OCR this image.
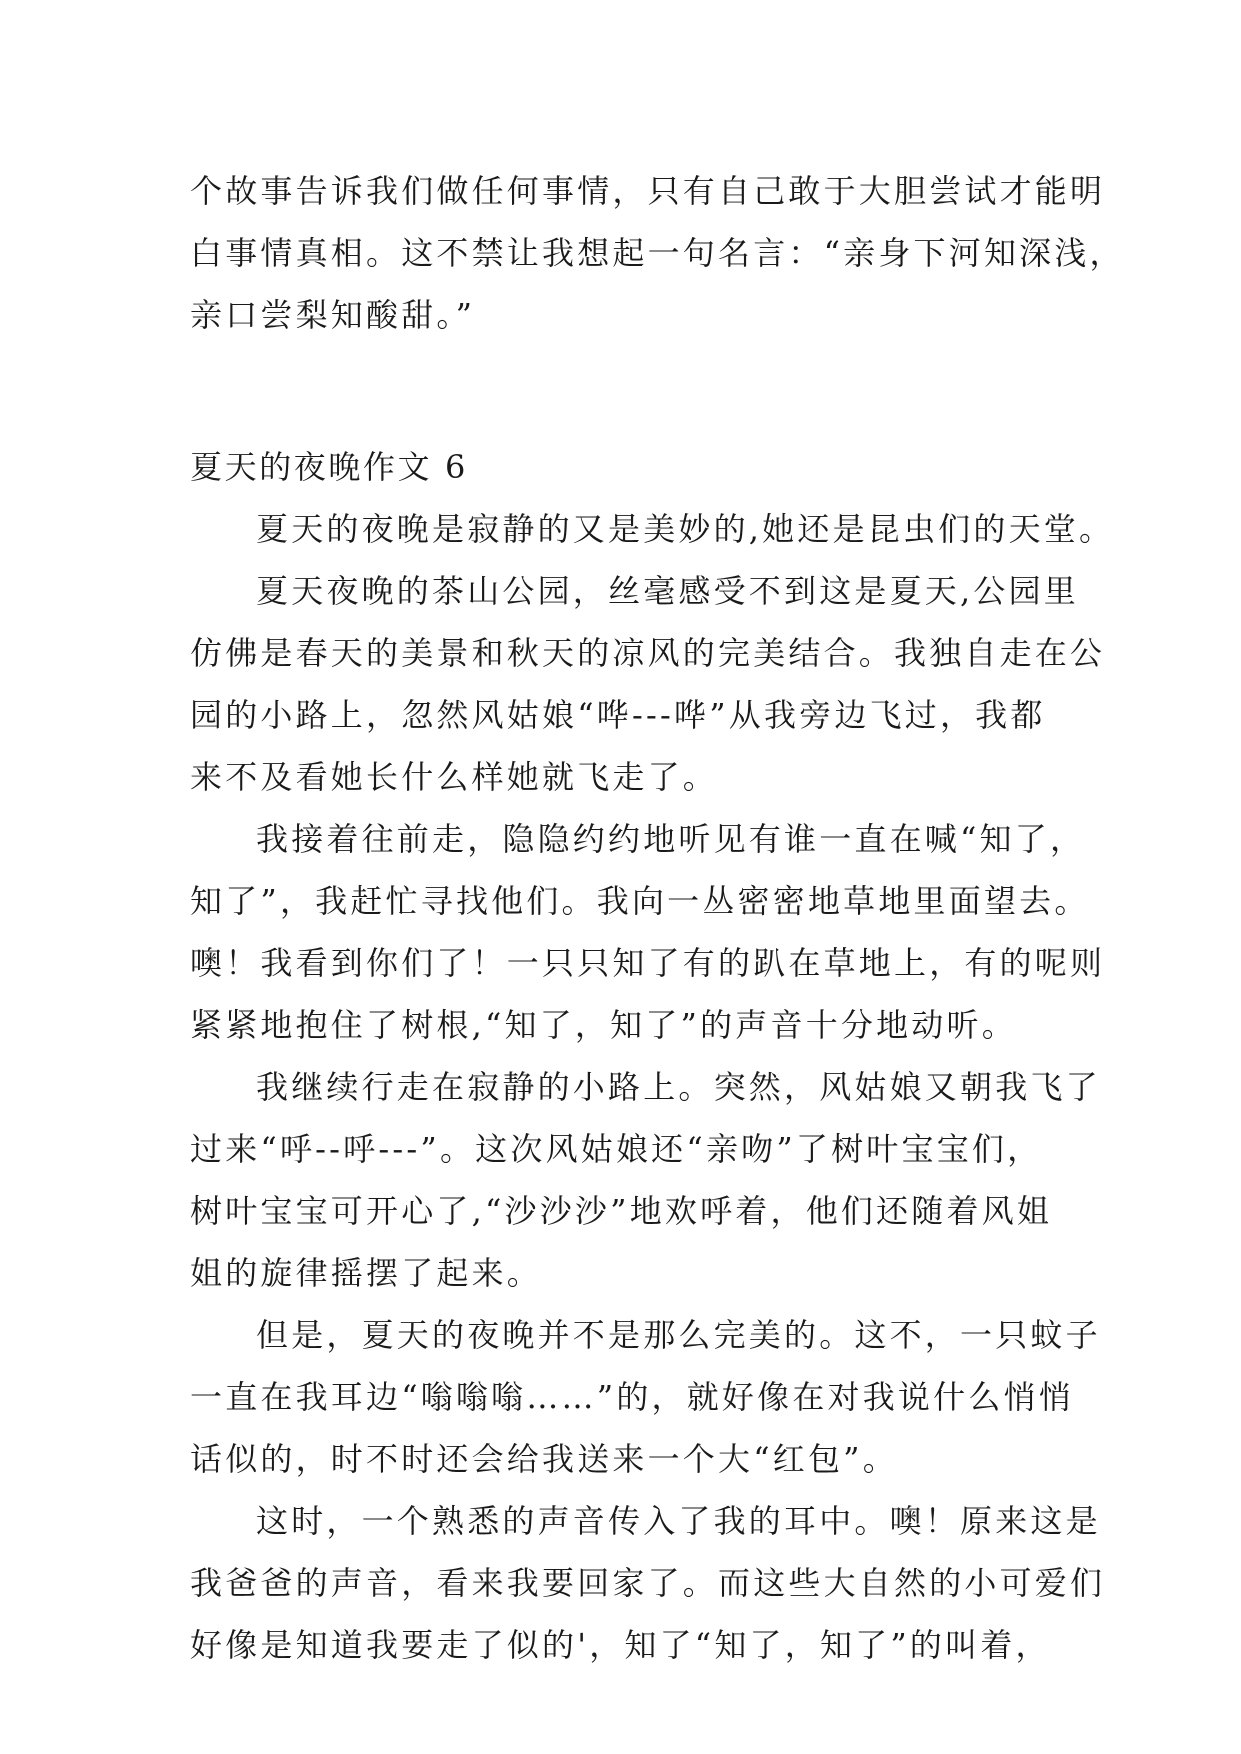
个故事告诉我们做任何事情，只有自己敢于大胆尝试才能明
白事情真相。这不禁让我想起一句名言：“亲身下河知深浅，
亲口尝梨知酸甜。”
夏天的夜晚作文 6
夏天的夜晚是寂静的又是美妙的,她还是昆虫们的天堂。
夏天夜晚的茶山公园，丝毫感受不到这是夏天,公园里
仿佛是春天的美景和秋天的凉风的完美结合。我独自走在公
园的小路上，忽然风姑娘“哗---哗”从我旁边飞过，我都
来不及看她长什么样她就飞走了。
我接着往前走，隐隐约约地听见有谁一直在喊“知了，
知了”，我赶忙寻找他们。我向一丛密密地草地里面望去。
噢！我看到你们了！一只只知了有的趴在草地上，有的呢则
紧紧地抱住了树根,“知了，知了”的声音十分地动听。
我继续行走在寂静的小路上。突然，风姑娘又朝我飞了
过来“呼--呼---”。这次风姑娘还“亲吻”了树叶宝宝们，
树叶宝宝可开心了,“沙沙沙”地欢呼着，他们还随着风姐
姐的旋律摇摆了起来。
但是，夏天的夜晚并不是那么完美的。这不，一只蚊子
一直在我耳边“嗡嗡嗡……”的，就好像在对我说什么悄悄
话似的，时不时还会给我送来一个大“红包”。
这时，一个熟悉的声音传入了我的耳中。噢！原来这是
我爸爸的声音，看来我要回家了。而这些大自然的小可爱们
好像是知道我要走了似的'，知了“知了，知了”的叫着，
